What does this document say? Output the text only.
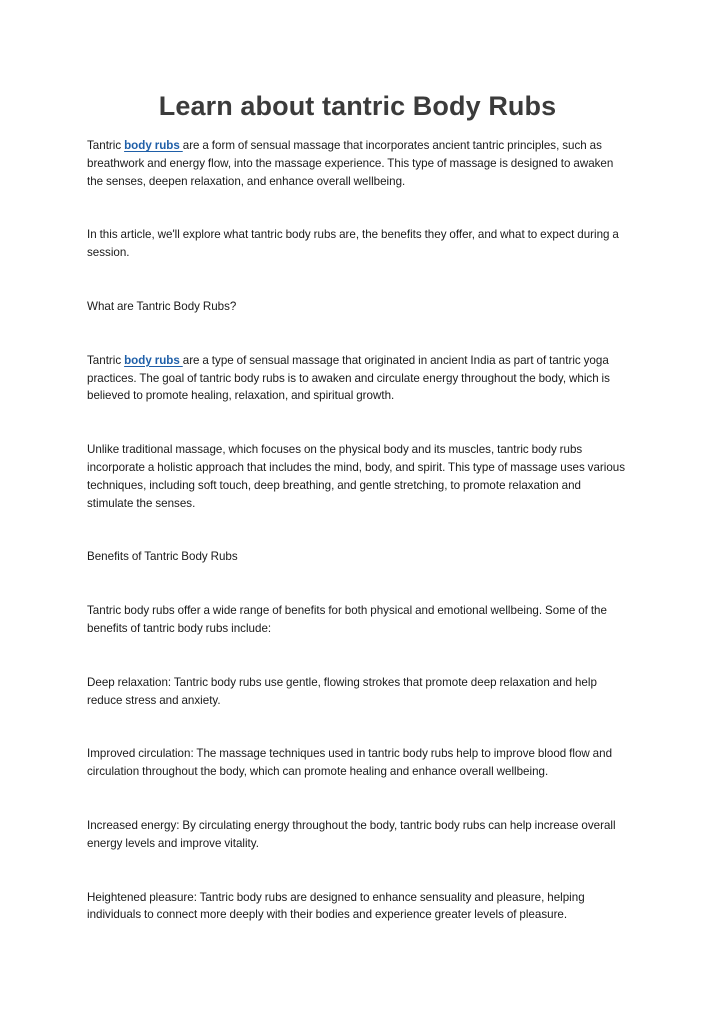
Learn about tantric Body Rubs

Tantric body rubs are a form of sensual massage that incorporates ancient tantric principles, such as breathwork and energy flow, into the massage experience. This type of massage is designed to awaken the senses, deepen relaxation, and enhance overall wellbeing.

In this article, we'll explore what tantric body rubs are, the benefits they offer, and what to expect during a session.

What are Tantric Body Rubs?

Tantric body rubs are a type of sensual massage that originated in ancient India as part of tantric yoga practices. The goal of tantric body rubs is to awaken and circulate energy throughout the body, which is believed to promote healing, relaxation, and spiritual growth.

Unlike traditional massage, which focuses on the physical body and its muscles, tantric body rubs incorporate a holistic approach that includes the mind, body, and spirit. This type of massage uses various techniques, including soft touch, deep breathing, and gentle stretching, to promote relaxation and stimulate the senses.

Benefits of Tantric Body Rubs

Tantric body rubs offer a wide range of benefits for both physical and emotional wellbeing. Some of the benefits of tantric body rubs include:

Deep relaxation: Tantric body rubs use gentle, flowing strokes that promote deep relaxation and help reduce stress and anxiety.

Improved circulation: The massage techniques used in tantric body rubs help to improve blood flow and circulation throughout the body, which can promote healing and enhance overall wellbeing.

Increased energy: By circulating energy throughout the body, tantric body rubs can help increase overall energy levels and improve vitality.

Heightened pleasure: Tantric body rubs are designed to enhance sensuality and pleasure, helping individuals to connect more deeply with their bodies and experience greater levels of pleasure.
